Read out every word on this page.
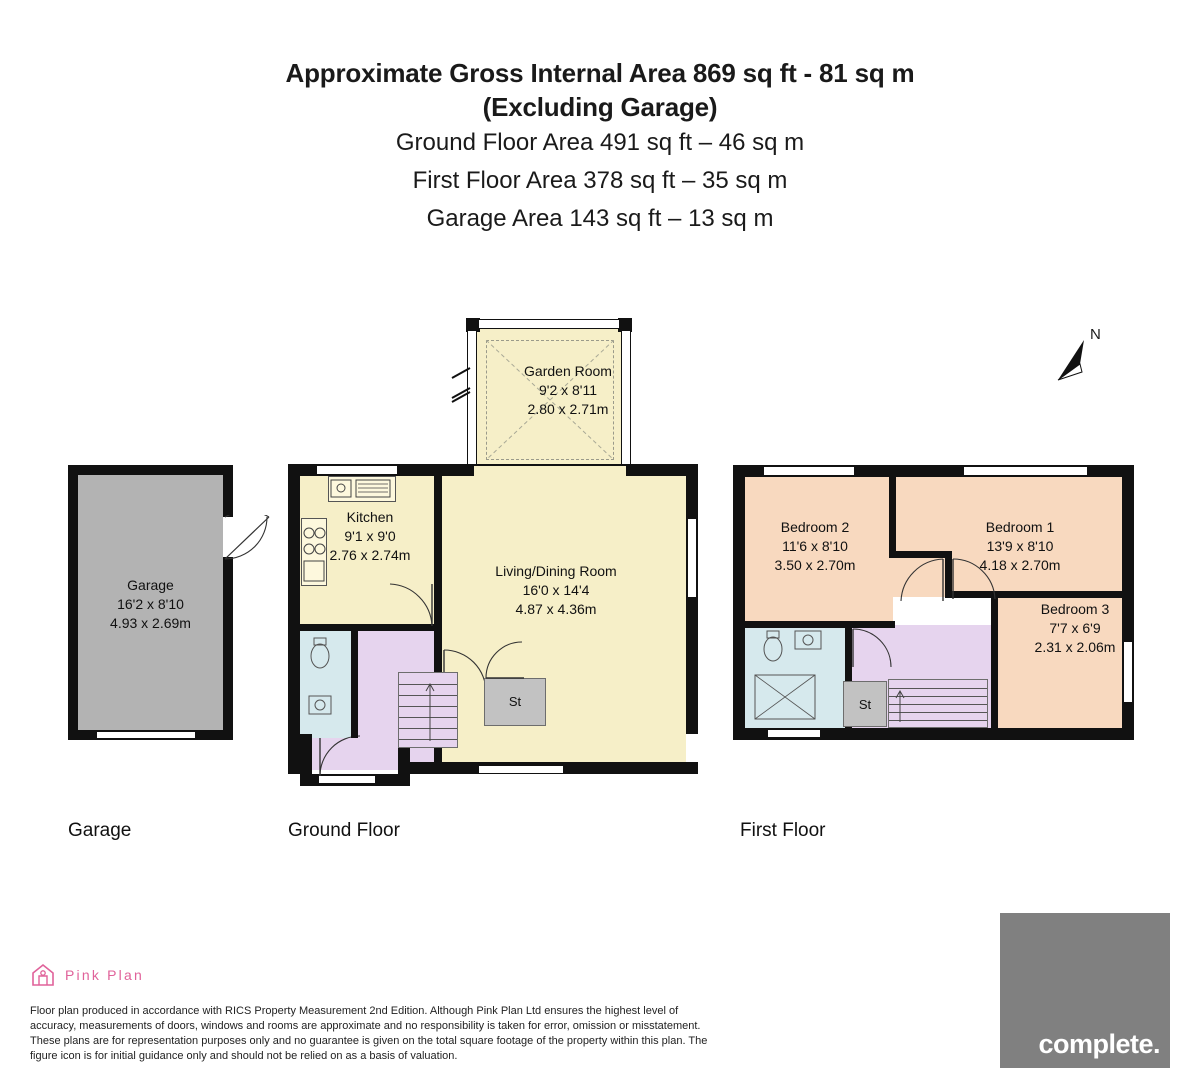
Approximate Gross Internal Area 869 sq ft - 81 sq m
(Excluding Garage)
Ground Floor Area 491 sq ft – 46 sq m
First Floor Area 378 sq ft – 35 sq m
Garage Area 143 sq ft – 13 sq m
N
Garage
16'2 x 8'10
4.93 x 2.69m
Garage
St
Garden Room
9'2 x 8'11
2.80 x 2.71m
Kitchen
9'1 x 9'0
2.76 x 2.74m
Living/Dining Room
16'0 x 14'4
4.87 x 4.36m
Ground Floor
St
Bedroom 2
11'6 x 8'10
3.50 x 2.70m
Bedroom 1
13'9 x 8'10
4.18 x 2.70m
Bedroom 3
7'7 x 6'9
2.31 x 2.06m
First Floor
Pink Plan
Floor plan produced in accordance with RICS Property Measurement 2nd Edition. Although Pink Plan Ltd ensures the highest level of accuracy, measurements of doors, windows and rooms are approximate and no responsibility is taken for error, omission or misstatement. These plans are for representation purposes only and no guarantee is given on the total square footage of the property within this plan. The figure icon is for initial guidance only and should not be relied on as a basis of valuation.	complete.
